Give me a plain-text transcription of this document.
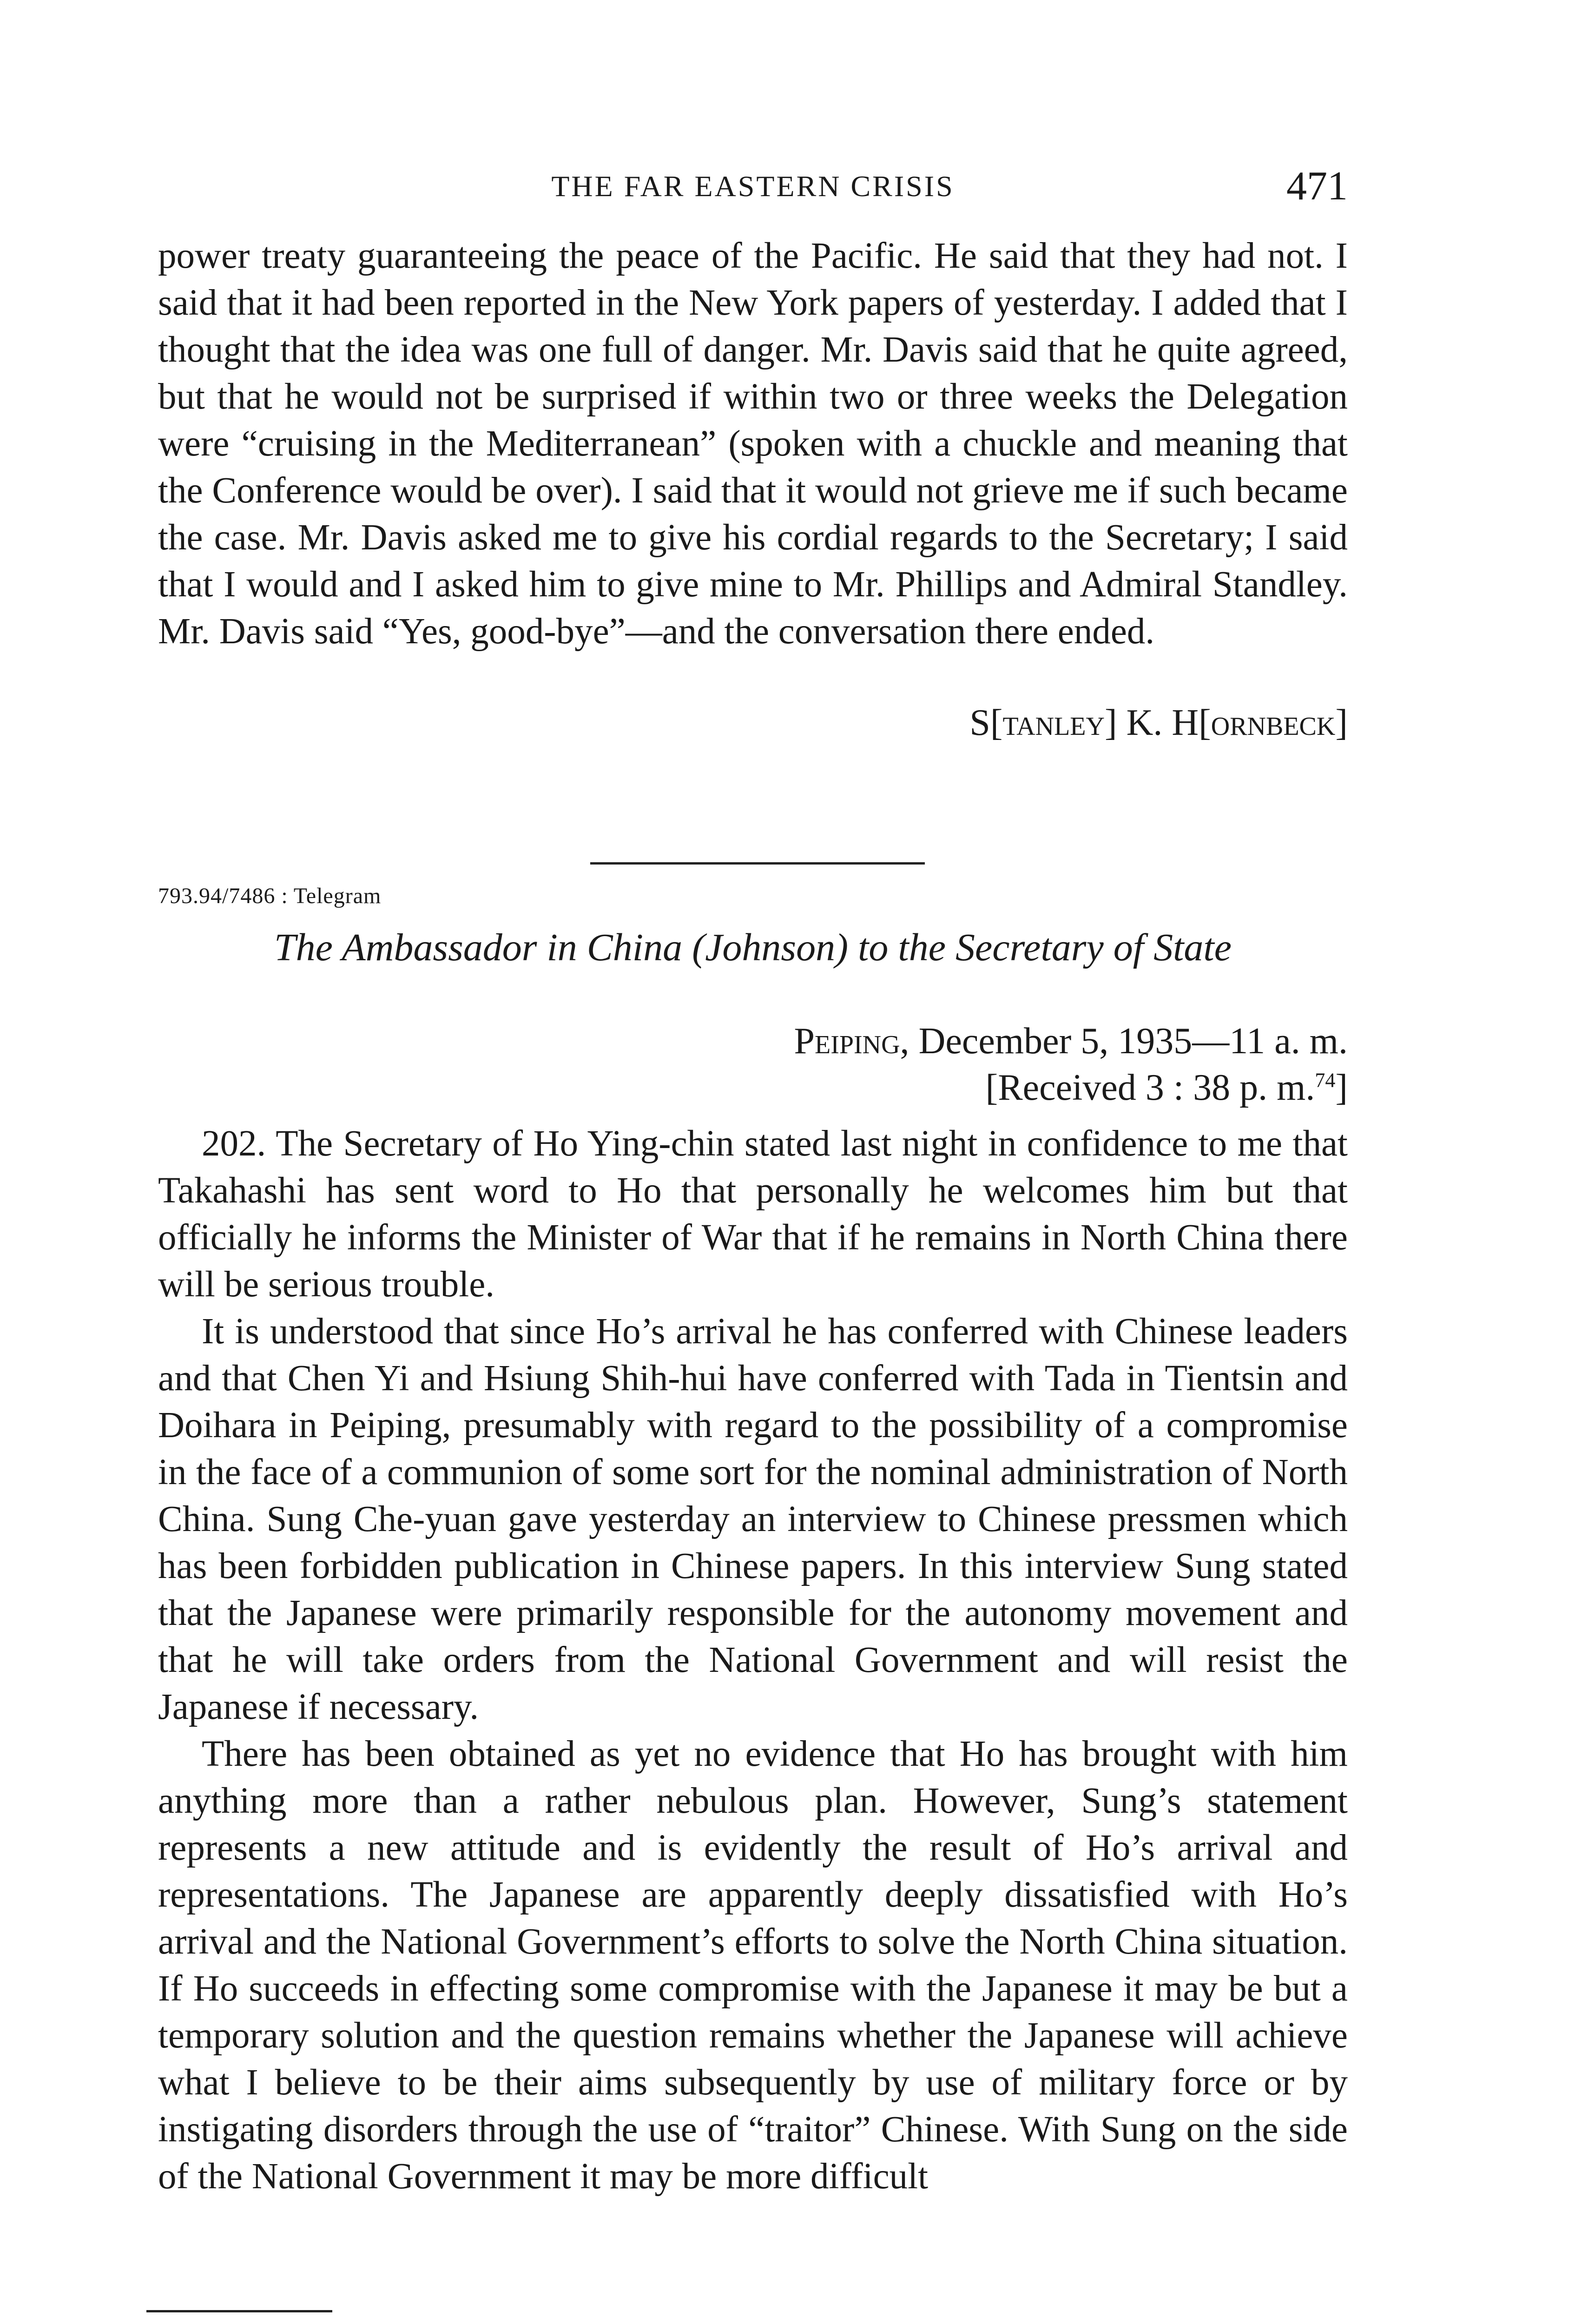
THE FAR EASTERN CRISIS	471
power treaty guaranteeing the peace of the Pacific. He said that they had not. I said that it had been reported in the New York papers of yesterday. I added that I thought that the idea was one full of danger. Mr. Davis said that he quite agreed, but that he would not be surprised if within two or three weeks the Delegation were “cruising in the Mediterranean” (spoken with a chuckle and meaning that the Conference would be over). I said that it would not grieve me if such became the case. Mr. Davis asked me to give his cordial regards to the Secretary; I said that I would and I asked him to give mine to Mr. Phillips and Admiral Standley. Mr. Davis said “Yes, good-bye”—and the conversation there ended.
S[tanley] K. H[ornbeck]
793.94/7486 : Telegram
The Ambassador in China (Johnson) to the Secretary of State
Peiping, December 5, 1935—11 a. m.
[Received 3 : 38 p. m.$^{74}$]

202. The Secretary of Ho Ying-chin stated last night in confidence to me that Takahashi has sent word to Ho that personally he welcomes him but that officially he informs the Minister of War that if he remains in North China there will be serious trouble.

It is understood that since Ho’s arrival he has conferred with Chinese leaders and that Chen Yi and Hsiung Shih-hui have conferred with Tada in Tientsin and Doihara in Peiping, presumably with regard to the possibility of a compromise in the face of a communion of some sort for the nominal administration of North China. Sung Che-yuan gave yesterday an interview to Chinese pressmen which has been forbidden publication in Chinese papers. In this interview Sung stated that the Japanese were primarily responsible for the autonomy movement and that he will take orders from the National Government and will resist the Japanese if necessary.

There has been obtained as yet no evidence that Ho has brought with him anything more than a rather nebulous plan. However, Sung’s statement represents a new attitude and is evidently the result of Ho’s arrival and representations. The Japanese are apparently deeply dissatisfied with Ho’s arrival and the National Government’s efforts to solve the North China situation. If Ho succeeds in effecting some compromise with the Japanese it may be but a temporary solution and the question remains whether the Japanese will achieve what I believe to be their aims subsequently by use of military force or by instigating disorders through the use of “traitor” Chinese. With Sung on the side of the National Government it may be more difficult
